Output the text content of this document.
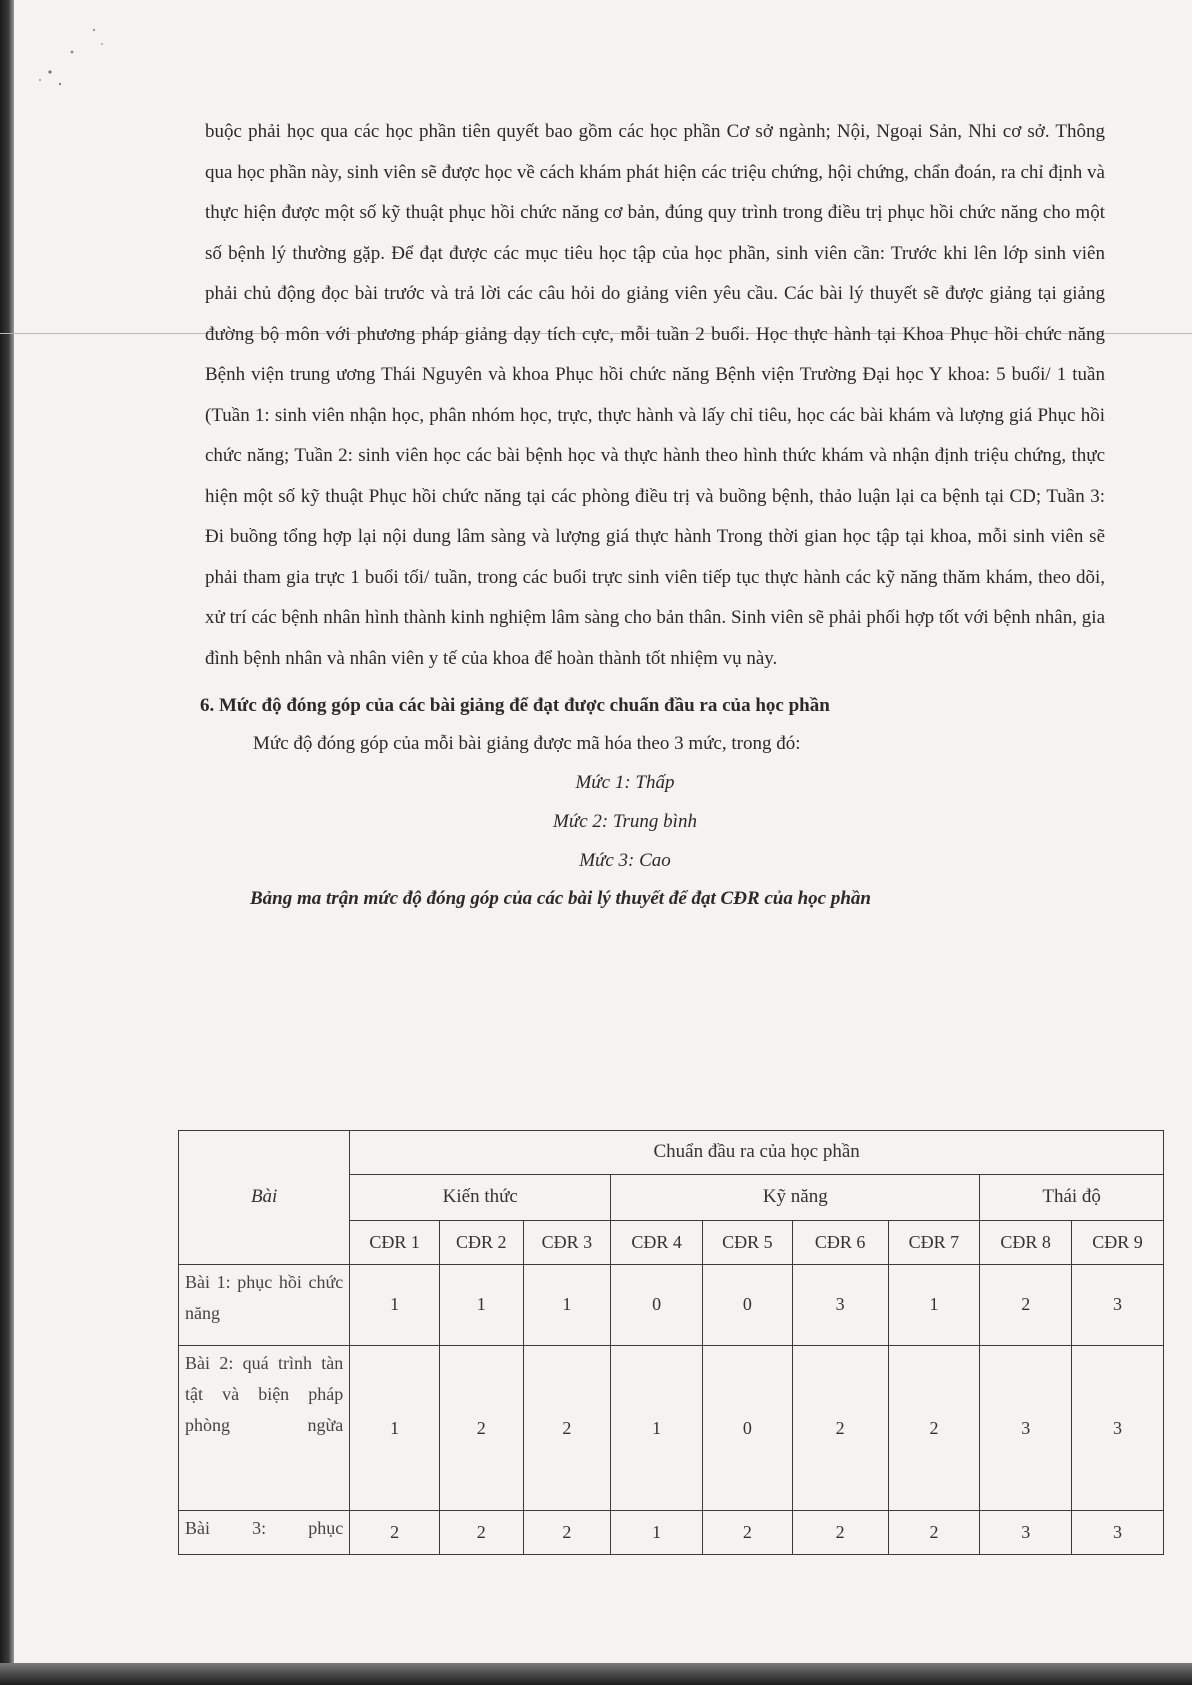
buộc phải học qua các học phần tiên quyết bao gồm các học phần Cơ sở ngành; Nội, Ngoại Sản, Nhi cơ sở. Thông qua học phần này, sinh viên sẽ được học về cách khám phát hiện các triệu chứng, hội chứng, chẩn đoán, ra chỉ định và thực hiện được một số kỹ thuật phục hồi chức năng cơ bản, đúng quy trình trong điều trị phục hồi chức năng cho một số bệnh lý thường gặp. Để đạt được các mục tiêu học tập của học phần, sinh viên cần: Trước khi lên lớp sinh viên phải chủ động đọc bài trước và trả lời các câu hỏi do giảng viên yêu cầu. Các bài lý thuyết sẽ được giảng tại giảng đường bộ môn với phương pháp giảng dạy tích cực, mỗi tuần 2 buổi. Học thực hành tại Khoa Phục hồi chức năng Bệnh viện trung ương Thái Nguyên và khoa Phục hồi chức năng Bệnh viện Trường Đại học Y khoa: 5 buổi/ 1 tuần (Tuần 1: sinh viên nhận học, phân nhóm học, trực, thực hành và lấy chỉ tiêu, học các bài khám và lượng giá Phục hồi chức năng; Tuần 2: sinh viên học các bài bệnh học và thực hành theo hình thức khám và nhận định triệu chứng, thực hiện một số kỹ thuật Phục hồi chức năng tại các phòng điều trị và buồng bệnh, thảo luận lại ca bệnh tại CD; Tuần 3: Đi buồng tổng hợp lại nội dung lâm sàng và lượng giá thực hành Trong thời gian học tập tại khoa, mỗi sinh viên sẽ phải tham gia trực 1 buổi tối/ tuần, trong các buổi trực sinh viên tiếp tục thực hành các kỹ năng thăm khám, theo dõi, xử trí các bệnh nhân hình thành kinh nghiệm lâm sàng cho bản thân. Sinh viên sẽ phải phối hợp tốt với bệnh nhân, gia đình bệnh nhân và nhân viên y tế của khoa để hoàn thành tốt nhiệm vụ này.

6. Mức độ đóng góp của các bài giảng để đạt được chuẩn đầu ra của học phần

Mức độ đóng góp của mỗi bài giảng được mã hóa theo 3 mức, trong đó:

Mức 1: Thấp

Mức 2: Trung bình

Mức 3: Cao

Bảng ma trận mức độ đóng góp của các bài lý thuyết để đạt CĐR của học phần

Bài	Chuẩn đầu ra của học phần								
	Kiến thức			Kỹ năng				Thái độ	
	CĐR 1	CĐR 2	CĐR 3	CĐR 4	CĐR 5	CĐR 6	CĐR 7	CĐR 8	CĐR 9
Bài 1: phục hồi chức năng	1	1	1	0	0	3	1	2	3
Bài 2: quá trình tàn tật và biện pháp phòng ngừa	1	2	2	1	0	2	2	3	3
Bài 3: phục	2	2	2	1	2	2	2	3	3
